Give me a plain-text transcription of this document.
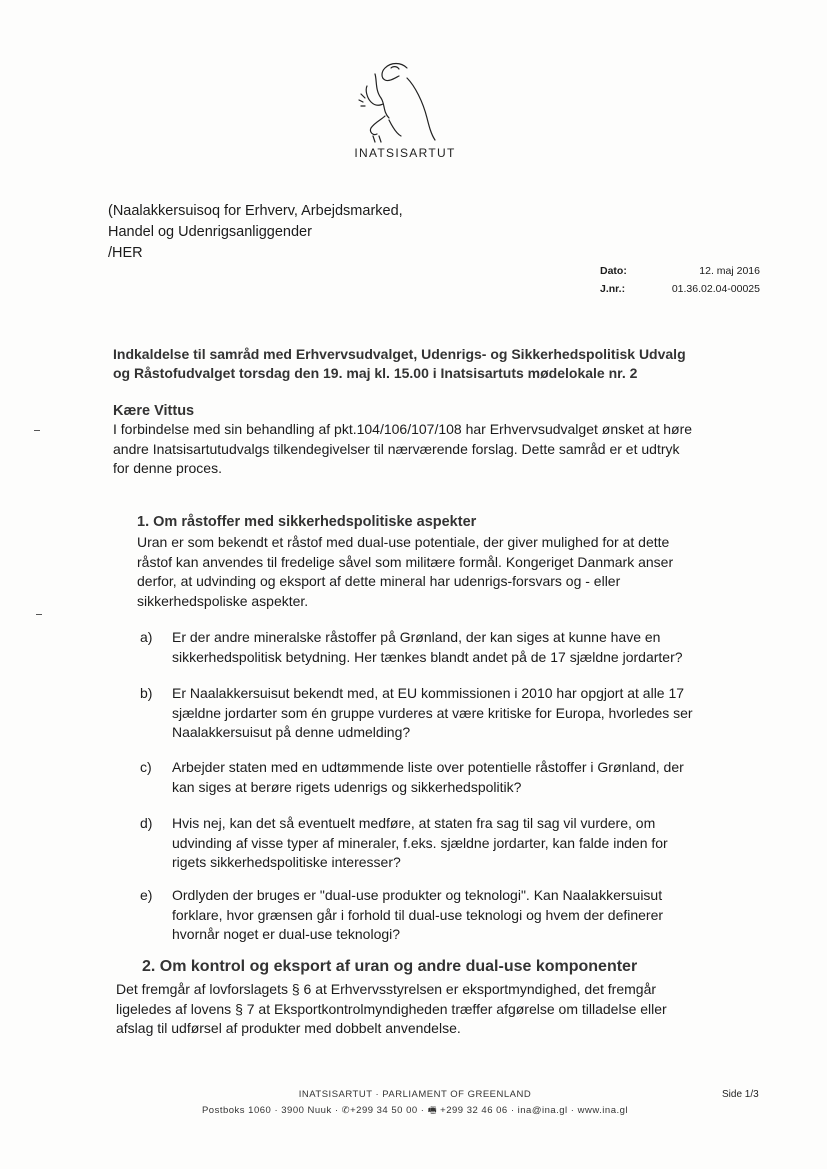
INATSISARTUT
(Naalakkersuisoq for Erhverv, Arbejdsmarked,
Handel og Udenrigsanliggender
/HER
Dato:	12. maj 2016
J.nr.:	01.36.02.04-00025
Indkaldelse til samråd med Erhvervsudvalget, Udenrigs- og Sikkerhedspolitisk Udvalg og Råstofudvalget torsdag den 19. maj kl. 15.00 i Inatsisartuts mødelokale nr. 2
Kære Vittus
I forbindelse med sin behandling af pkt.104/106/107/108 har Erhvervsudvalget ønsket at høre andre Inatsisartutudvalgs tilkendegivelser til nærværende forslag. Dette samråd er et udtryk for denne proces.
1. Om råstoffer med sikkerhedspolitiske aspekter
Uran er som bekendt et råstof med dual-use potentiale, der giver mulighed for at dette råstof kan anvendes til fredelige såvel som militære formål. Kongeriget Danmark anser derfor, at udvinding og eksport af dette mineral har udenrigs-forsvars og - eller sikkerhedspoliske aspekter.
a)	Er der andre mineralske råstoffer på Grønland, der kan siges at kunne have en sikkerhedspolitisk betydning. Her tænkes blandt andet på de 17 sjældne jordarter?
b)	Er Naalakkersuisut bekendt med, at EU kommissionen i 2010 har opgjort at alle 17 sjældne jordarter som én gruppe vurderes at være kritiske for Europa, hvorledes ser Naalakkersuisut på denne udmelding?
c)	Arbejder staten med en udtømmende liste over potentielle råstoffer i Grønland, der kan siges at berøre rigets udenrigs og sikkerhedspolitik?
d)	Hvis nej, kan det så eventuelt medføre, at staten fra sag til sag vil vurdere, om udvinding af visse typer af mineraler, f.eks. sjældne jordarter, kan falde inden for rigets sikkerhedspolitiske interesser?
e)	Ordlyden der bruges er "dual-use produkter og teknologi". Kan Naalakkersuisut forklare, hvor grænsen går i forhold til dual-use teknologi og hvem der definerer hvornår noget er dual-use teknologi?
2. Om kontrol og eksport af uran og andre dual-use komponenter
Det fremgår af lovforslagets § 6 at Erhvervsstyrelsen er eksportmyndighed, det fremgår ligeledes af lovens § 7 at Eksportkontrolmyndigheden træffer afgørelse om tilladelse eller afslag til udførsel af produkter med dobbelt anvendelse.
INATSISARTUT · PARLIAMENT OF GREENLAND
Postboks 1060 · 3900 Nuuk · ✆+299 34 50 00 · 🖷 +299 32 46 06 · ina@ina.gl · www.ina.gl
Side 1/3
